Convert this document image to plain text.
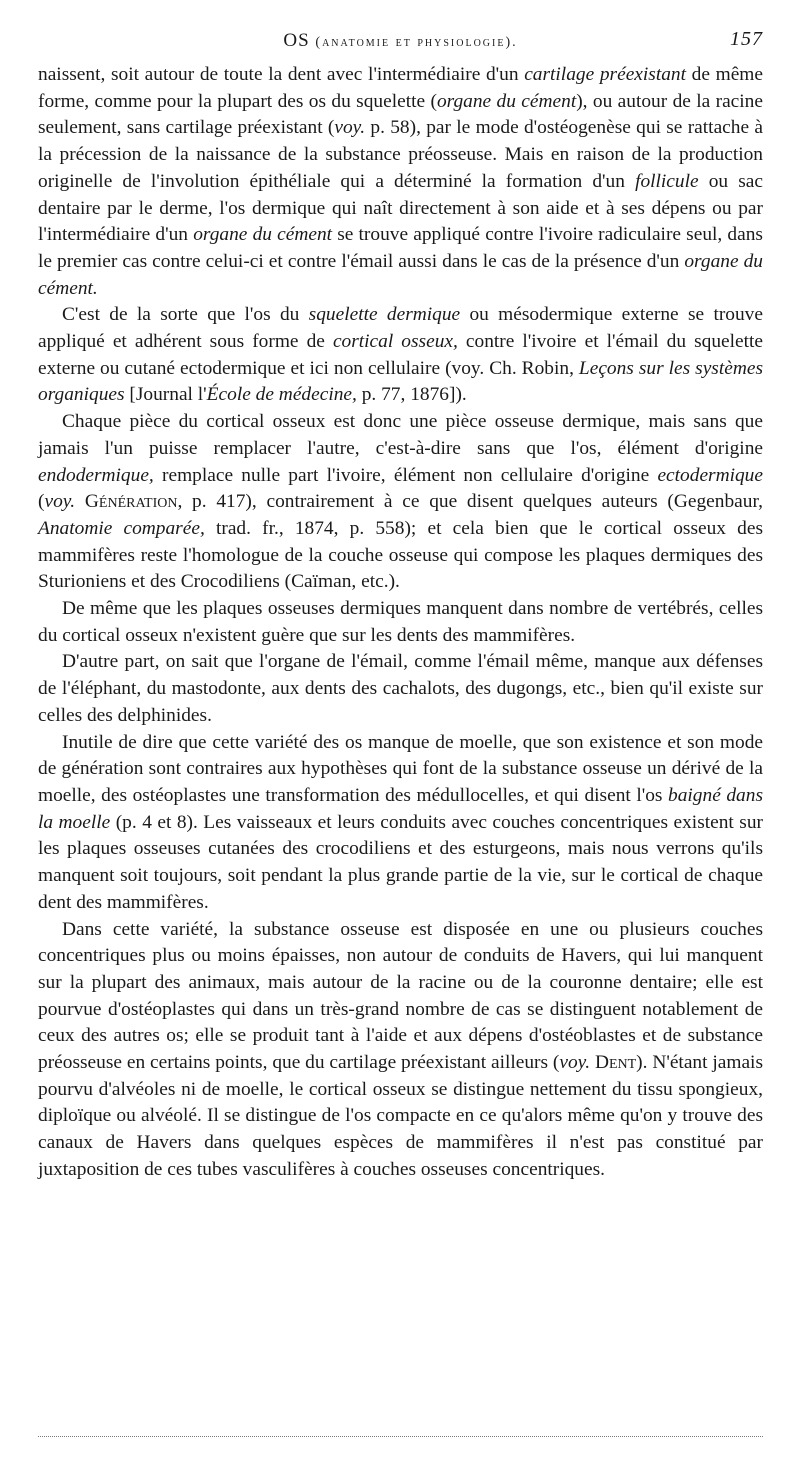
OS (anatomie et physiologie).	157

naissent, soit autour de toute la dent avec l'intermédiaire d'un cartilage préexistant de même forme, comme pour la plupart des os du squelette (organe du cément), ou autour de la racine seulement, sans cartilage préexistant (voy. p. 58), par le mode d'ostéogenèse qui se rattache à la précession de la naissance de la substance préosseuse. Mais en raison de la production originelle de l'involution épithéliale qui a déterminé la formation d'un follicule ou sac dentaire par le derme, l'os dermique qui naît directement à son aide et à ses dépens ou par l'intermédiaire d'un organe du cément se trouve appliqué contre l'ivoire radiculaire seul, dans le premier cas contre celui-ci et contre l'émail aussi dans le cas de la présence d'un organe du cément.

C'est de la sorte que l'os du squelette dermique ou mésodermique externe se trouve appliqué et adhérent sous forme de cortical osseux, contre l'ivoire et l'émail du squelette externe ou cutané ectodermique et ici non cellulaire (voy. Ch. Robin, Leçons sur les systèmes organiques [Journal l'École de médecine, p. 77, 1876]).

Chaque pièce du cortical osseux est donc une pièce osseuse dermique, mais sans que jamais l'un puisse remplacer l'autre, c'est-à-dire sans que l'os, élément d'origine endodermique, remplace nulle part l'ivoire, élément non cellulaire d'origine ectodermique (voy. Génération, p. 417), contrairement à ce que disent quelques auteurs (Gegenbaur, Anatomie comparée, trad. fr., 1874, p. 558); et cela bien que le cortical osseux des mammifères reste l'homologue de la couche osseuse qui compose les plaques dermiques des Sturioniens et des Crocodiliens (Caïman, etc.).

De même que les plaques osseuses dermiques manquent dans nombre de vertébrés, celles du cortical osseux n'existent guère que sur les dents des mammifères.

D'autre part, on sait que l'organe de l'émail, comme l'émail même, manque aux défenses de l'éléphant, du mastodonte, aux dents des cachalots, des dugongs, etc., bien qu'il existe sur celles des delphinides.

Inutile de dire que cette variété des os manque de moelle, que son existence et son mode de génération sont contraires aux hypothèses qui font de la substance osseuse un dérivé de la moelle, des ostéoplastes une transformation des médullocelles, et qui disent l'os baigné dans la moelle (p. 4 et 8). Les vaisseaux et leurs conduits avec couches concentriques existent sur les plaques osseuses cutanées des crocodiliens et des esturgeons, mais nous verrons qu'ils manquent soit toujours, soit pendant la plus grande partie de la vie, sur le cortical de chaque dent des mammifères.

Dans cette variété, la substance osseuse est disposée en une ou plusieurs couches concentriques plus ou moins épaisses, non autour de conduits de Havers, qui lui manquent sur la plupart des animaux, mais autour de la racine ou de la couronne dentaire; elle est pourvue d'ostéoplastes qui dans un très-grand nombre de cas se distinguent notablement de ceux des autres os; elle se produit tant à l'aide et aux dépens d'ostéoblastes et de substance préosseuse en certains points, que du cartilage préexistant ailleurs (voy. Dent). N'étant jamais pourvu d'alvéoles ni de moelle, le cortical osseux se distingue nettement du tissu spongieux, diploïque ou alvéolé. Il se distingue de l'os compacte en ce qu'alors même qu'on y trouve des canaux de Havers dans quelques espèces de mammifères il n'est pas constitué par juxtaposition de ces tubes vasculifères à couches osseuses concentriques.
